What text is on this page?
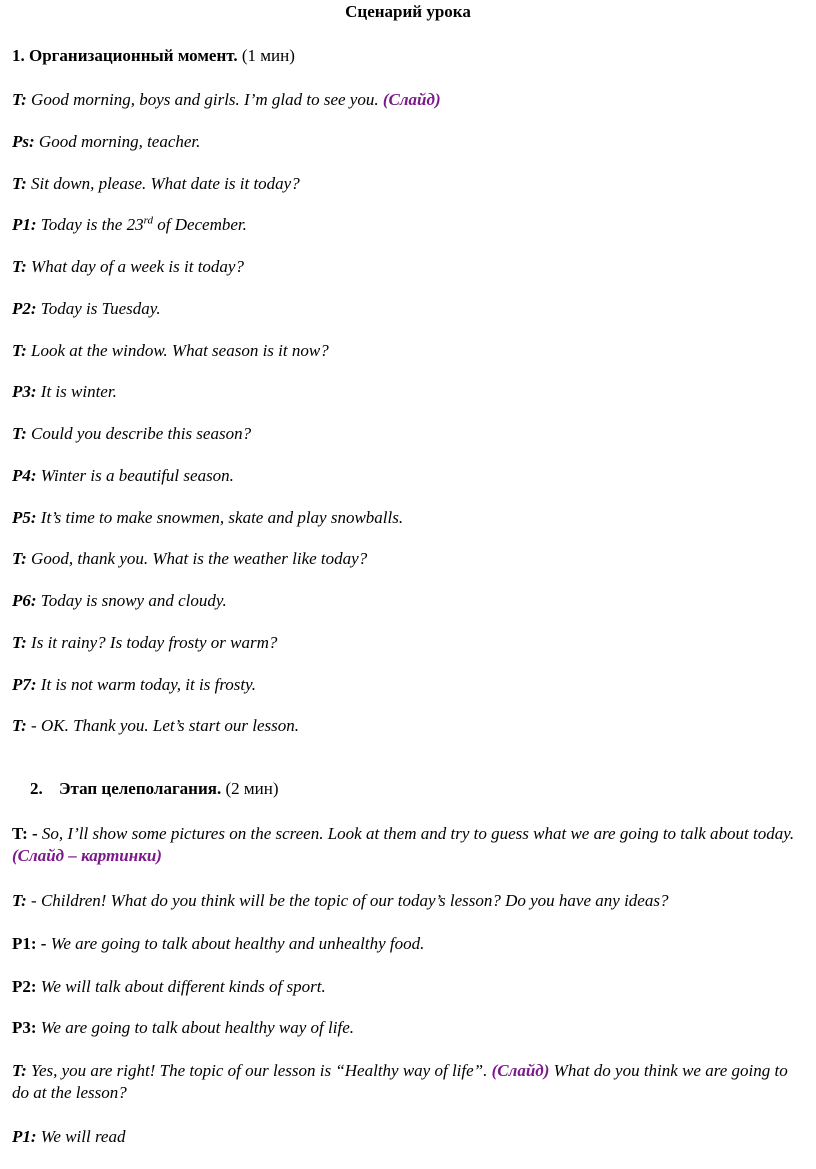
Сценарий урока
1. Организационный момент. (1 мин)
T: Good morning, boys and girls. I’m glad to see you. (Слайд)
Ps: Good morning, teacher.
T: Sit down, please. What date is it today?
P1: Today is the 23rd of December.
T: What day of a week is it today?
P2: Today is Tuesday.
T: Look at the window. What season is it now?
P3: It is winter.
T: Could you describe this season?
P4: Winter is a beautiful season.
P5: It’s time to make snowmen, skate and play snowballs.
T: Good, thank you. What is the weather like today?
P6: Today is snowy and cloudy.
T: Is it rainy? Is today frosty or warm?
P7: It is not warm today, it is frosty.
T: - OK. Thank you. Let’s start our lesson.
2. Этап целеполагания. (2 мин)
T: - So, I’ll show some pictures on the screen. Look at them and try to guess what we are going to talk about today. (Слайд – картинки)
T: - Children! What do you think will be the topic of our today’s lesson? Do you have any ideas?
P1: - We are going to talk about healthy and unhealthy food.
P2: We will talk about different kinds of sport.
P3: We are going to talk about healthy way of life.
T: Yes, you are right! The topic of our lesson is “Healthy way of life”. (Слайд) What do you think we are going to do at the lesson?
P1: We will read
